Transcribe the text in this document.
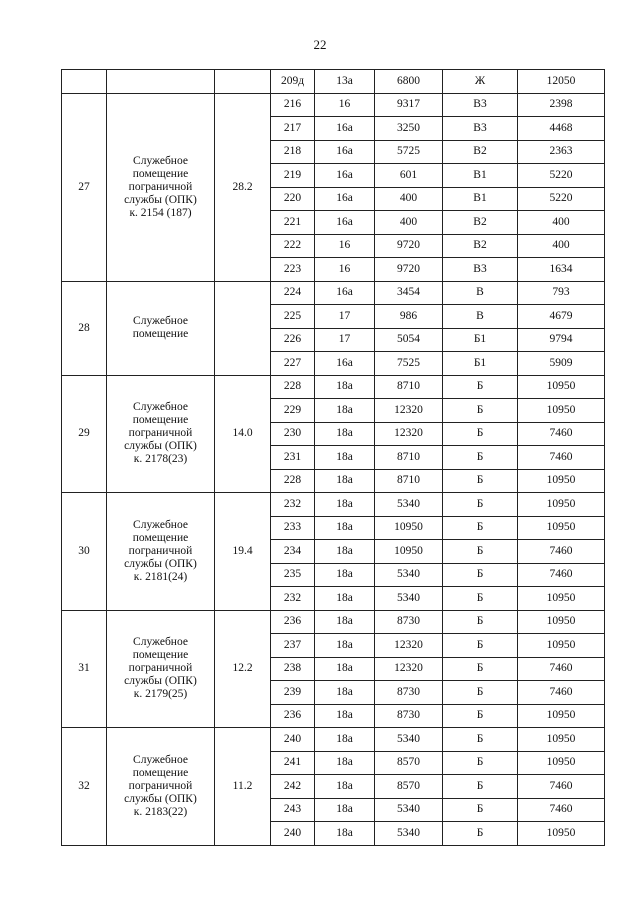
22
			209д	13а	6800	Ж	12050
27	Служебное
помещение
пограничной
службы (ОПК)
к. 2154 (187)	28.2	216	16	9317	В3	2398
			217	16а	3250	В3	4468
			218	16а	5725	В2	2363
			219	16а	601	В1	5220
			220	16а	400	В1	5220
			221	16а	400	В2	400
			222	16	9720	В2	400
			223	16	9720	В3	1634
28	Служебное
помещение		224	16а	3454	В	793
			225	17	986	В	4679
			226	17	5054	Б1	9794
			227	16а	7525	Б1	5909
29	Служебное
помещение
пограничной
службы (ОПК)
к. 2178(23)	14.0	228	18а	8710	Б	10950
			229	18а	12320	Б	10950
			230	18а	12320	Б	7460
			231	18а	8710	Б	7460
			228	18а	8710	Б	10950
30	Служебное
помещение
пограничной
службы (ОПК)
к. 2181(24)	19.4	232	18а	5340	Б	10950
			233	18а	10950	Б	10950
			234	18а	10950	Б	7460
			235	18а	5340	Б	7460
			232	18а	5340	Б	10950
31	Служебное
помещение
пограничной
службы (ОПК)
к. 2179(25)	12.2	236	18а	8730	Б	10950
			237	18а	12320	Б	10950
			238	18а	12320	Б	7460
			239	18а	8730	Б	7460
			236	18а	8730	Б	10950
32	Служебное
помещение
пограничной
службы (ОПК)
к. 2183(22)	11.2	240	18а	5340	Б	10950
			241	18а	8570	Б	10950
			242	18а	8570	Б	7460
			243	18а	5340	Б	7460
			240	18а	5340	Б	10950
